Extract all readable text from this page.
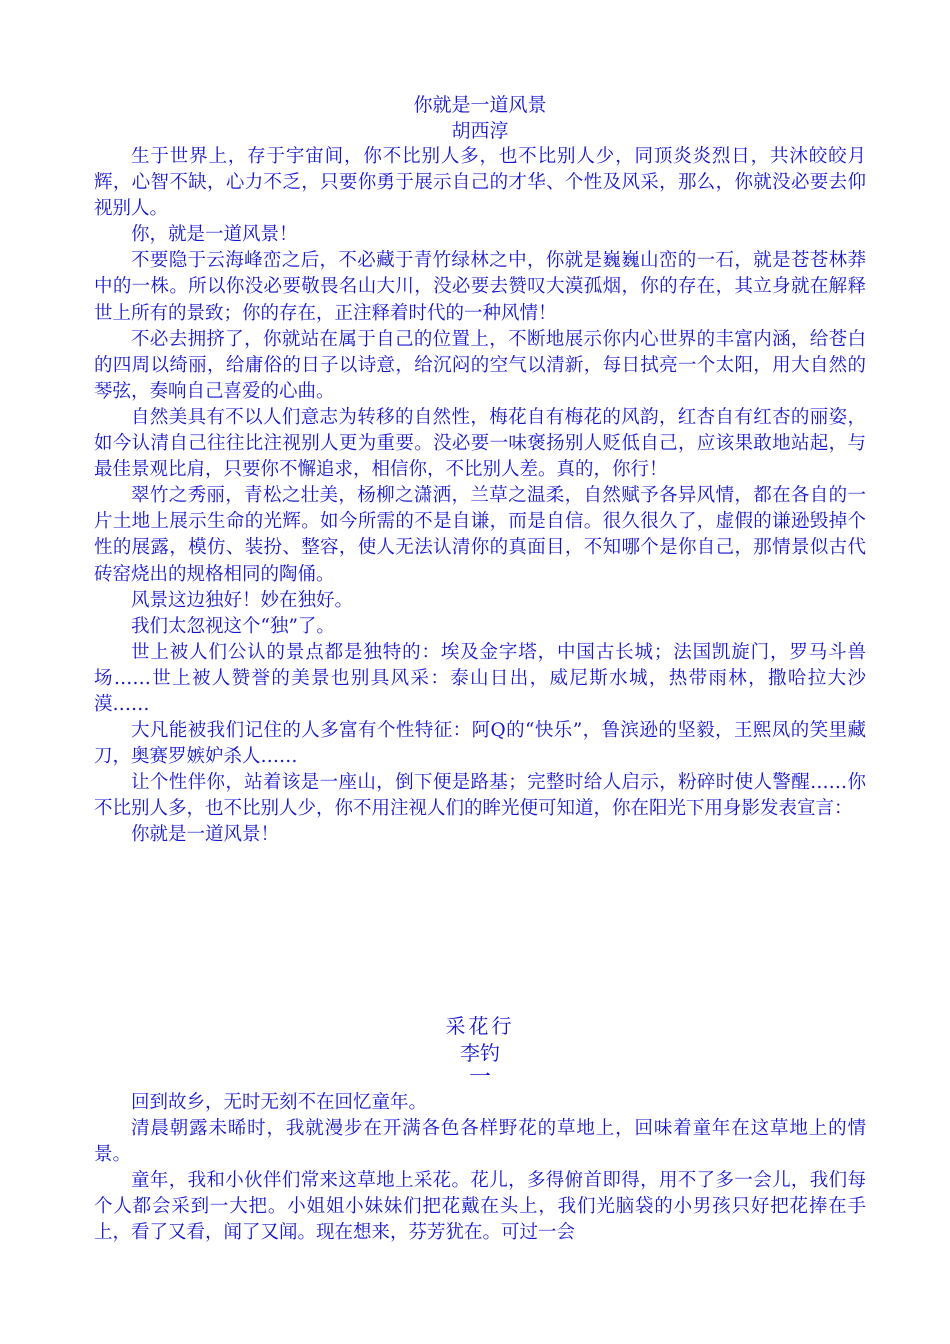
你就是一道风景

胡西淳

生于世界上，存于宇宙间，你不比别人多，也不比别人少，同顶炎炎烈日，共沐皎皎月辉，心智不缺，心力不乏，只要你勇于展示自己的才华、个性及风采，那么，你就没必要去仰视别人。

你，就是一道风景！

不要隐于云海峰峦之后，不必藏于青竹绿林之中，你就是巍巍山峦的一石，就是苍苍林莽中的一株。所以你没必要敬畏名山大川，没必要去赞叹大漠孤烟，你的存在，其立身就在解释世上所有的景致；你的存在，正注释着时代的一种风情！

不必去拥挤了，你就站在属于自己的位置上，不断地展示你内心世界的丰富内涵，给苍白的四周以绮丽，给庸俗的日子以诗意，给沉闷的空气以清新，每日拭亮一个太阳，用大自然的琴弦，奏响自己喜爱的心曲。

自然美具有不以人们意志为转移的自然性，梅花自有梅花的风韵，红杏自有红杏的丽姿，如今认清自己往往比注视别人更为重要。没必要一味褒扬别人贬低自己，应该果敢地站起，与最佳景观比肩，只要你不懈追求，相信你，不比别人差。真的，你行！

翠竹之秀丽，青松之壮美，杨柳之潇洒，兰草之温柔，自然赋予各异风情，都在各自的一片土地上展示生命的光辉。如今所需的不是自谦，而是自信。很久很久了，虚假的谦逊毁掉个性的展露，模仿、装扮、整容，使人无法认清你的真面目，不知哪个是你自己，那情景似古代砖窑烧出的规格相同的陶俑。

风景这边独好！妙在独好。

我们太忽视这个“独”了。

世上被人们公认的景点都是独特的：埃及金字塔，中国古长城；法国凯旋门，罗马斗兽场……世上被人赞誉的美景也别具风采：泰山日出，威尼斯水城，热带雨林，撒哈拉大沙漠……

大凡能被我们记住的人多富有个性特征：阿Q的“快乐”，鲁滨逊的坚毅，王熙凤的笑里藏刀，奥赛罗嫉妒杀人……

让个性伴你，站着该是一座山，倒下便是路基；完整时给人启示，粉碎时使人警醒……你不比别人多，也不比别人少，你不用注视人们的眸光便可知道，你在阳光下用身影发表宣言：

你就是一道风景！

采花行

李钓

一

回到故乡，无时无刻不在回忆童年。

清晨朝露未晞时，我就漫步在开满各色各样野花的草地上，回味着童年在这草地上的情景。

童年，我和小伙伴们常来这草地上采花。花儿，多得俯首即得，用不了多一会儿，我们每个人都会采到一大把。小姐姐小妹妹们把花戴在头上，我们光脑袋的小男孩只好把花捧在手上，看了又看，闻了又闻。现在想来，芬芳犹在。可过一会
